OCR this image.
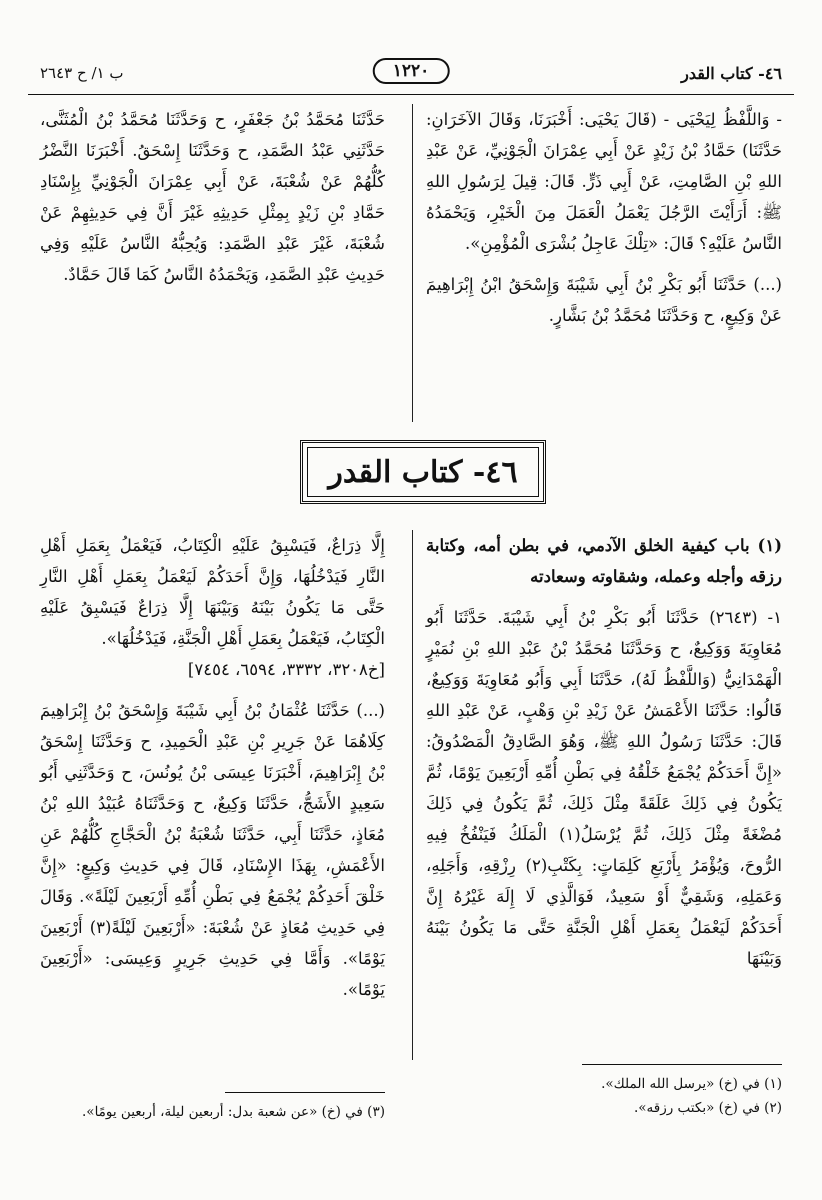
٤٦- كتاب القدر
١٢٢٠
ب ١/ ح ٢٦٤٣

- وَاللَّفْظُ لِيَحْيَى - (قَالَ يَحْيَى: أَخْبَرَنَا، وَقَالَ الآخَرَانِ: حَدَّثَنَا) حَمَّادُ بْنُ زَيْدٍ عَنْ أَبِي عِمْرَانَ الْجَوْنِيِّ، عَنْ عَبْدِ اللهِ بْنِ الصَّامِتِ، عَنْ أَبِي ذَرٍّ. قَالَ: قِيلَ لِرَسُولِ اللهِ ﷺ: أَرَأَيْتَ الرَّجُلَ يَعْمَلُ الْعَمَلَ مِنَ الْخَيْرِ، وَيَحْمَدُهُ النَّاسُ عَلَيْهِ؟ قَالَ: «تِلْكَ عَاجِلُ بُشْرَى الْمُؤْمِنِ».

(...) حَدَّثَنَا أَبُو بَكْرِ بْنُ أَبِي شَيْبَةَ وَإِسْحَقُ ابْنُ إِبْرَاهِيمَ عَنْ وَكِيعٍ، ح وَحَدَّثَنَا مُحَمَّدُ بْنُ بَشَّارٍ.

حَدَّثَنَا مُحَمَّدُ بْنُ جَعْفَرٍ، ح وَحَدَّثَنَا مُحَمَّدُ بْنُ الْمُثَنَّى، حَدَّثَنِي عَبْدُ الصَّمَدِ، ح وَحَدَّثَنَا إِسْحَقُ. أَخْبَرَنَا النَّضْرُ كُلُّهُمْ عَنْ شُعْبَةَ، عَنْ أَبِي عِمْرَانَ الْجَوْنِيِّ بِإِسْنَادِ حَمَّادِ بْنِ زَيْدٍ بِمِثْلِ حَدِيثِهِ غَيْرَ أَنَّ فِي حَدِيثِهِمْ عَنْ شُعْبَةَ، غَيْرَ عَبْدِ الصَّمَدِ: وَيُحِبُّهُ النَّاسُ عَلَيْهِ وَفِي حَدِيثِ عَبْدِ الصَّمَدِ، وَيَحْمَدُهُ النَّاسُ كَمَا قَالَ حَمَّادٌ.

٤٦- كتاب القدر

(١) باب كيفية الخلق الآدمي، في بطن أمه، وكتابة رزقه وأجله وعمله، وشقاوته وسعادته

١- (٢٦٤٣) حَدَّثَنَا أَبُو بَكْرِ بْنُ أَبِي شَيْبَةَ. حَدَّثَنَا أَبُو مُعَاوِيَةَ وَوَكِيعٌ، ح وَحَدَّثَنَا مُحَمَّدُ بْنُ عَبْدِ اللهِ بْنِ نُمَيْرٍ الْهَمْدَانِيُّ (وَاللَّفْظُ لَهُ)، حَدَّثَنَا أَبِي وَأَبُو مُعَاوِيَةَ وَوَكِيعٌ، قَالُوا: حَدَّثَنَا الأَعْمَشُ عَنْ زَيْدِ بْنِ وَهْبٍ، عَنْ عَبْدِ اللهِ قَالَ: حَدَّثَنَا رَسُولُ اللهِ ﷺ، وَهُوَ الصَّادِقُ الْمَصْدُوقُ: «إِنَّ أَحَدَكُمْ يُجْمَعُ خَلْقُهُ فِي بَطْنِ أُمِّهِ أَرْبَعِينَ يَوْمًا، ثُمَّ يَكُونُ فِي ذَلِكَ عَلَقَةً مِثْلَ ذَلِكَ، ثُمَّ يَكُونُ فِي ذَلِكَ مُضْغَةً مِثْلَ ذَلِكَ، ثُمَّ يُرْسَلُ(١) الْمَلَكُ فَيَنْفُخُ فِيهِ الرُّوحَ، وَيُؤْمَرُ بِأَرْبَعِ كَلِمَاتٍ: بِكَتْبِ(٢) رِزْقِهِ، وَأَجَلِهِ، وَعَمَلِهِ، وَشَقِيٌّ أَوْ سَعِيدٌ، فَوَالَّذِي لَا إِلَهَ غَيْرُهُ إِنَّ أَحَدَكُمْ لَيَعْمَلُ بِعَمَلِ أَهْلِ الْجَنَّةِ حَتَّى مَا يَكُونُ بَيْنَهُ وَبَيْنَهَا

إِلَّا ذِرَاعٌ، فَيَسْبِقُ عَلَيْهِ الْكِتَابُ، فَيَعْمَلُ بِعَمَلِ أَهْلِ النَّارِ فَيَدْخُلُهَا، وَإِنَّ أَحَدَكُمْ لَيَعْمَلُ بِعَمَلِ أَهْلِ النَّارِ حَتَّى مَا يَكُونُ بَيْنَهُ وَبَيْنَهَا إِلَّا ذِرَاعٌ فَيَسْبِقُ عَلَيْهِ الْكِتَابُ، فَيَعْمَلُ بِعَمَلِ أَهْلِ الْجَنَّةِ، فَيَدْخُلُهَا».

[خ٣٢٠٨، ٣٣٣٢، ٦٥٩٤، ٧٤٥٤]

(...) حَدَّثَنَا عُثْمَانُ بْنُ أَبِي شَيْبَةَ وَإِسْحَقُ بْنُ إِبْرَاهِيمَ كِلَاهُمَا عَنْ جَرِيرِ بْنِ عَبْدِ الْحَمِيدِ، ح وَحَدَّثَنَا إِسْحَقُ بْنُ إِبْرَاهِيمَ، أَخْبَرَنَا عِيسَى بْنُ يُونُسَ، ح وَحَدَّثَنِي أَبُو سَعِيدٍ الأَشَجُّ، حَدَّثَنَا وَكِيعٌ، ح وَحَدَّثَنَاهُ عُبَيْدُ اللهِ بْنُ مُعَاذٍ، حَدَّثَنَا أَبِي، حَدَّثَنَا شُعْبَةُ بْنُ الْحَجَّاجِ كُلُّهُمْ عَنِ الأَعْمَشِ، بِهَذَا الإِسْنَادِ، قَالَ فِي حَدِيثِ وَكِيعٍ: «إِنَّ خَلْقَ أَحَدِكُمْ يُجْمَعُ فِي بَطْنِ أُمِّهِ أَرْبَعِينَ لَيْلَةً». وَقَالَ فِي حَدِيثِ مُعَاذٍ عَنْ شُعْبَةَ: «أَرْبَعِينَ لَيْلَةً(٣) أَرْبَعِينَ يَوْمًا». وَأَمَّا فِي حَدِيثِ جَرِيرٍ وَعِيسَى: «أَرْبَعِينَ يَوْمًا».

(١) في (خ) «يرسل الله الملك».
(٢) في (خ) «بكتب رزقه».
(٣) في (خ) «عن شعبة بدل: أربعين ليلة، أربعين يومًا».
